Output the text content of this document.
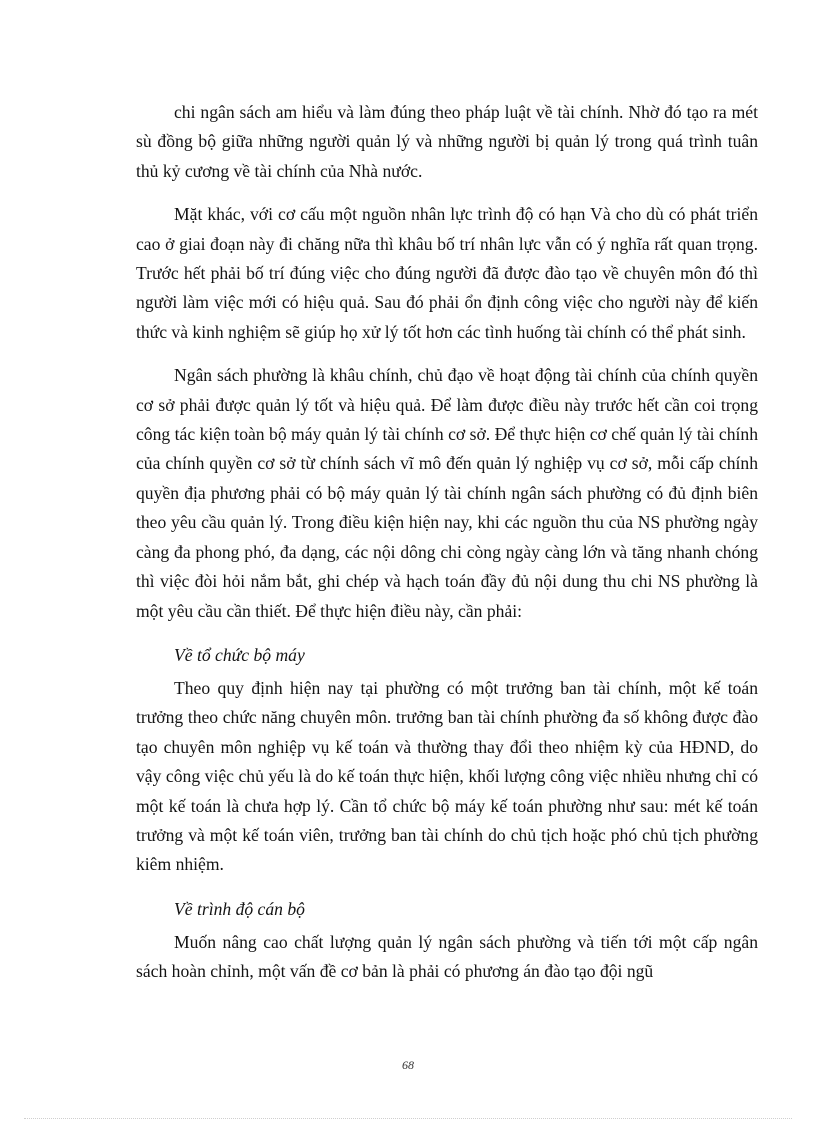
chi ngân sách am hiểu và làm đúng theo pháp luật về tài chính. Nhờ đó tạo ra mét sù đồng bộ giữa những người quản lý và những người bị quản lý trong quá trình tuân thủ kỷ cương về tài chính của Nhà nước.

Mặt khác, với cơ cấu một nguồn nhân lực trình độ có hạn Và cho dù có phát triển cao ở giai đoạn này đi chăng nữa thì khâu bố trí nhân lực vẫn có ý nghĩa rất quan trọng. Trước hết phải bố trí đúng việc cho đúng người đã được đào tạo về chuyên môn đó thì người làm việc mới có hiệu quả. Sau đó phải ổn định công việc cho người này để kiến thức và kinh nghiệm sẽ giúp họ xử lý tốt hơn các tình huống tài chính có thể phát sinh.

Ngân sách phường là khâu chính, chủ đạo về hoạt động tài chính của chính quyền cơ sở phải được quản lý tốt và hiệu quả. Để làm được điều này trước hết cần coi trọng công tác kiện toàn bộ máy quản lý tài chính cơ sở. Để thực hiện cơ chế quản lý tài chính của chính quyền cơ sở từ chính sách vĩ mô đến quản lý nghiệp vụ cơ sở, mỗi cấp chính quyền địa phương phải có bộ máy quản lý tài chính ngân sách phường có đủ định biên theo yêu cầu quản lý. Trong điều kiện hiện nay, khi các nguồn thu của NS phường ngày càng đa phong phó, đa dạng, các nội dông chi còng ngày càng lớn và tăng nhanh chóng thì việc đòi hỏi nắm bắt, ghi chép và hạch toán đầy đủ nội dung thu chi NS phường là một yêu cầu cần thiết. Để thực hiện điều này, cần phải:

Về tổ chức bộ máy

Theo quy định hiện nay tại phường có một trưởng ban tài chính, một kế toán trưởng theo chức năng chuyên môn. trưởng ban tài chính phường đa số không được đào tạo chuyên môn nghiệp vụ kế toán và thường thay đổi theo nhiệm kỳ của HĐND, do vậy công việc chủ yếu là do kế toán thực hiện, khối lượng công việc nhiều nhưng chỉ có một kế toán là chưa hợp lý. Cần tổ chức bộ máy kế toán phường như sau: mét kế toán trưởng và một kế toán viên, trưởng ban tài chính do chủ tịch hoặc phó chủ tịch phường kiêm nhiệm.

Về trình độ cán bộ

Muốn nâng cao chất lượng quản lý ngân sách phường và tiến tới một cấp ngân sách hoàn chỉnh, một vấn đề cơ bản là phải có phương án đào tạo đội ngũ

68
